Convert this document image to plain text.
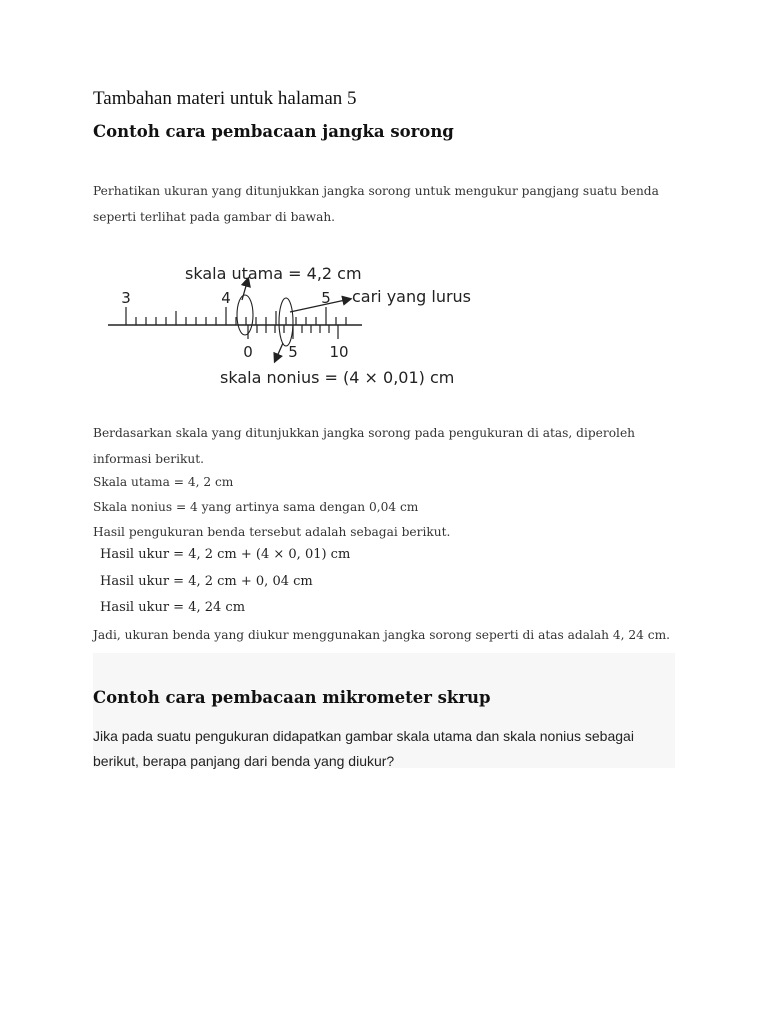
Tambahan materi untuk halaman 5
Contoh cara pembacaan jangka sorong
Perhatikan ukuran yang ditunjukkan jangka sorong untuk mengukur pangjang suatu benda seperti terlihat pada gambar di bawah.
3	4	5
0 5 10
skala utama = 4,2 cm
cari yang lurus
skala nonius = (4 × 0,01) cm
Berdasarkan skala yang ditunjukkan jangka sorong pada pengukuran di atas, diperoleh informasi berikut.
Skala utama = 4, 2 cm
Skala nonius = 4 yang artinya sama dengan 0,04 cm
Hasil pengukuran benda tersebut adalah sebagai berikut.
Hasil ukur = 4, 2 cm + (4 × 0, 01) cm
Hasil ukur = 4, 2 cm + 0, 04 cm
Hasil ukur = 4, 24 cm
Jadi, ukuran benda yang diukur menggunakan jangka sorong seperti di atas adalah 4, 24 cm.
Contoh cara pembacaan mikrometer skrup
Jika pada suatu pengukuran didapatkan gambar skala utama dan skala nonius sebagai berikut, berapa panjang dari benda yang diukur?
